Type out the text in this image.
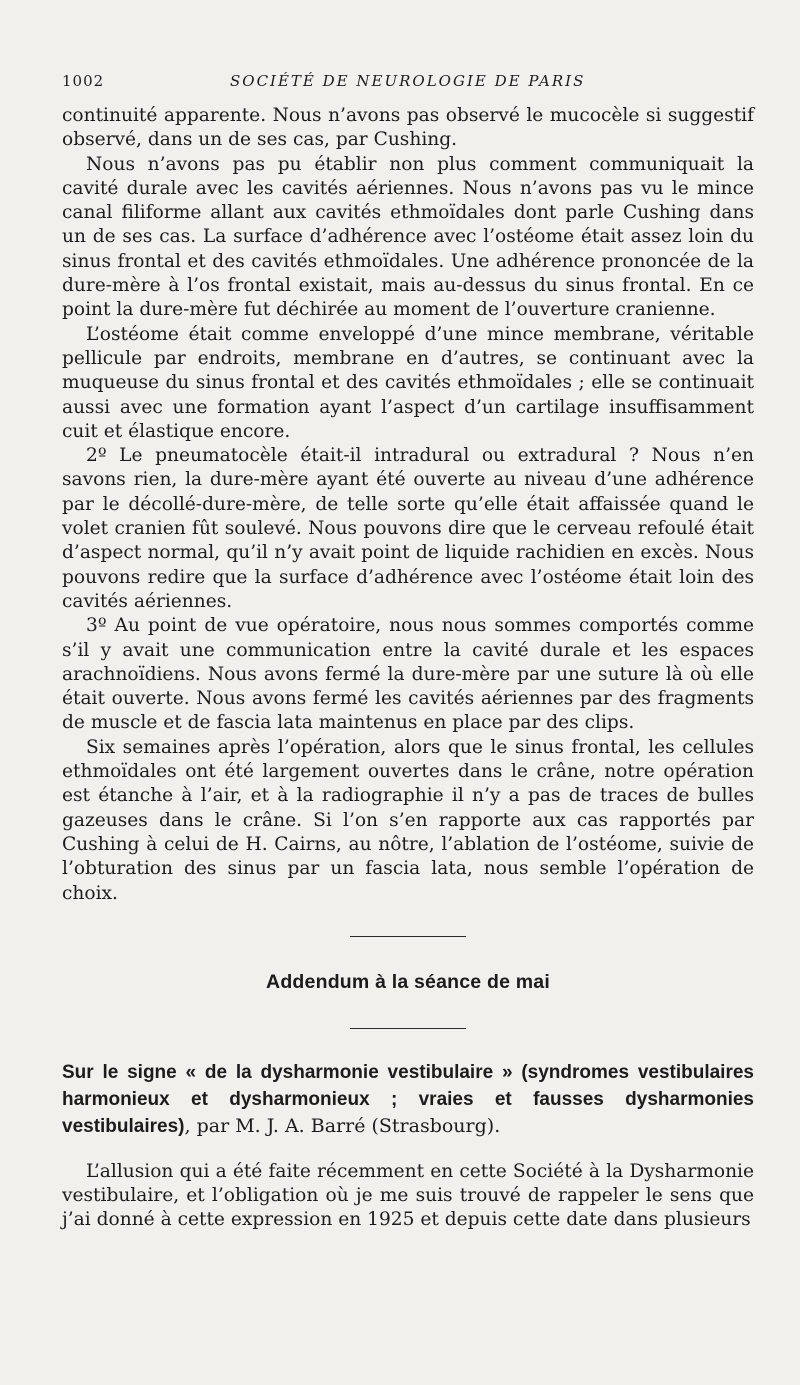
1002	SOCIÉTÉ DE NEUROLOGIE DE PARIS

continuité apparente. Nous n’avons pas observé le mucocèle si suggestif observé, dans un de ses cas, par Cushing.

Nous n’avons pas pu établir non plus comment communiquait la cavité durale avec les cavités aériennes. Nous n’avons pas vu le mince canal filiforme allant aux cavités ethmoïdales dont parle Cushing dans un de ses cas. La surface d’adhérence avec l’ostéome était assez loin du sinus frontal et des cavités ethmoïdales. Une adhérence prononcée de la dure-mère à l’os frontal existait, mais au-dessus du sinus frontal. En ce point la dure-mère fut déchirée au moment de l’ouverture cranienne.

L’ostéome était comme enveloppé d’une mince membrane, véritable pellicule par endroits, membrane en d’autres, se continuant avec la muqueuse du sinus frontal et des cavités ethmoïdales ; elle se continuait aussi avec une formation ayant l’aspect d’un cartilage insuffisamment cuit et élastique encore.

2º Le pneumatocèle était-il intradural ou extradural ? Nous n’en savons rien, la dure-mère ayant été ouverte au niveau d’une adhérence par le décollé-dure-mère, de telle sorte qu’elle était affaissée quand le volet cranien fût soulevé. Nous pouvons dire que le cerveau refoulé était d’aspect normal, qu’il n’y avait point de liquide rachidien en excès. Nous pouvons redire que la surface d’adhérence avec l’ostéome était loin des cavités aériennes.

3º Au point de vue opératoire, nous nous sommes comportés comme s’il y avait une communication entre la cavité durale et les espaces arachnoïdiens. Nous avons fermé la dure-mère par une suture là où elle était ouverte. Nous avons fermé les cavités aériennes par des fragments de muscle et de fascia lata maintenus en place par des clips.

Six semaines après l’opération, alors que le sinus frontal, les cellules ethmoïdales ont été largement ouvertes dans le crâne, notre opération est étanche à l’air, et à la radiographie il n’y a pas de traces de bulles gazeuses dans le crâne. Si l’on s’en rapporte aux cas rapportés par Cushing à celui de H. Cairns, au nôtre, l’ablation de l’ostéome, suivie de l’obturation des sinus par un fascia lata, nous semble l’opération de choix.

Addendum à la séance de mai

Sur le signe « de la dysharmonie vestibulaire » (syndromes vestibulaires harmonieux et dysharmonieux ; vraies et fausses dysharmonies vestibulaires), par M. J. A. Barré (Strasbourg).

L’allusion qui a été faite récemment en cette Société à la Dysharmonie vestibulaire, et l’obligation où je me suis trouvé de rappeler le sens que j’ai donné à cette expression en 1925 et depuis cette date dans plusieurs
